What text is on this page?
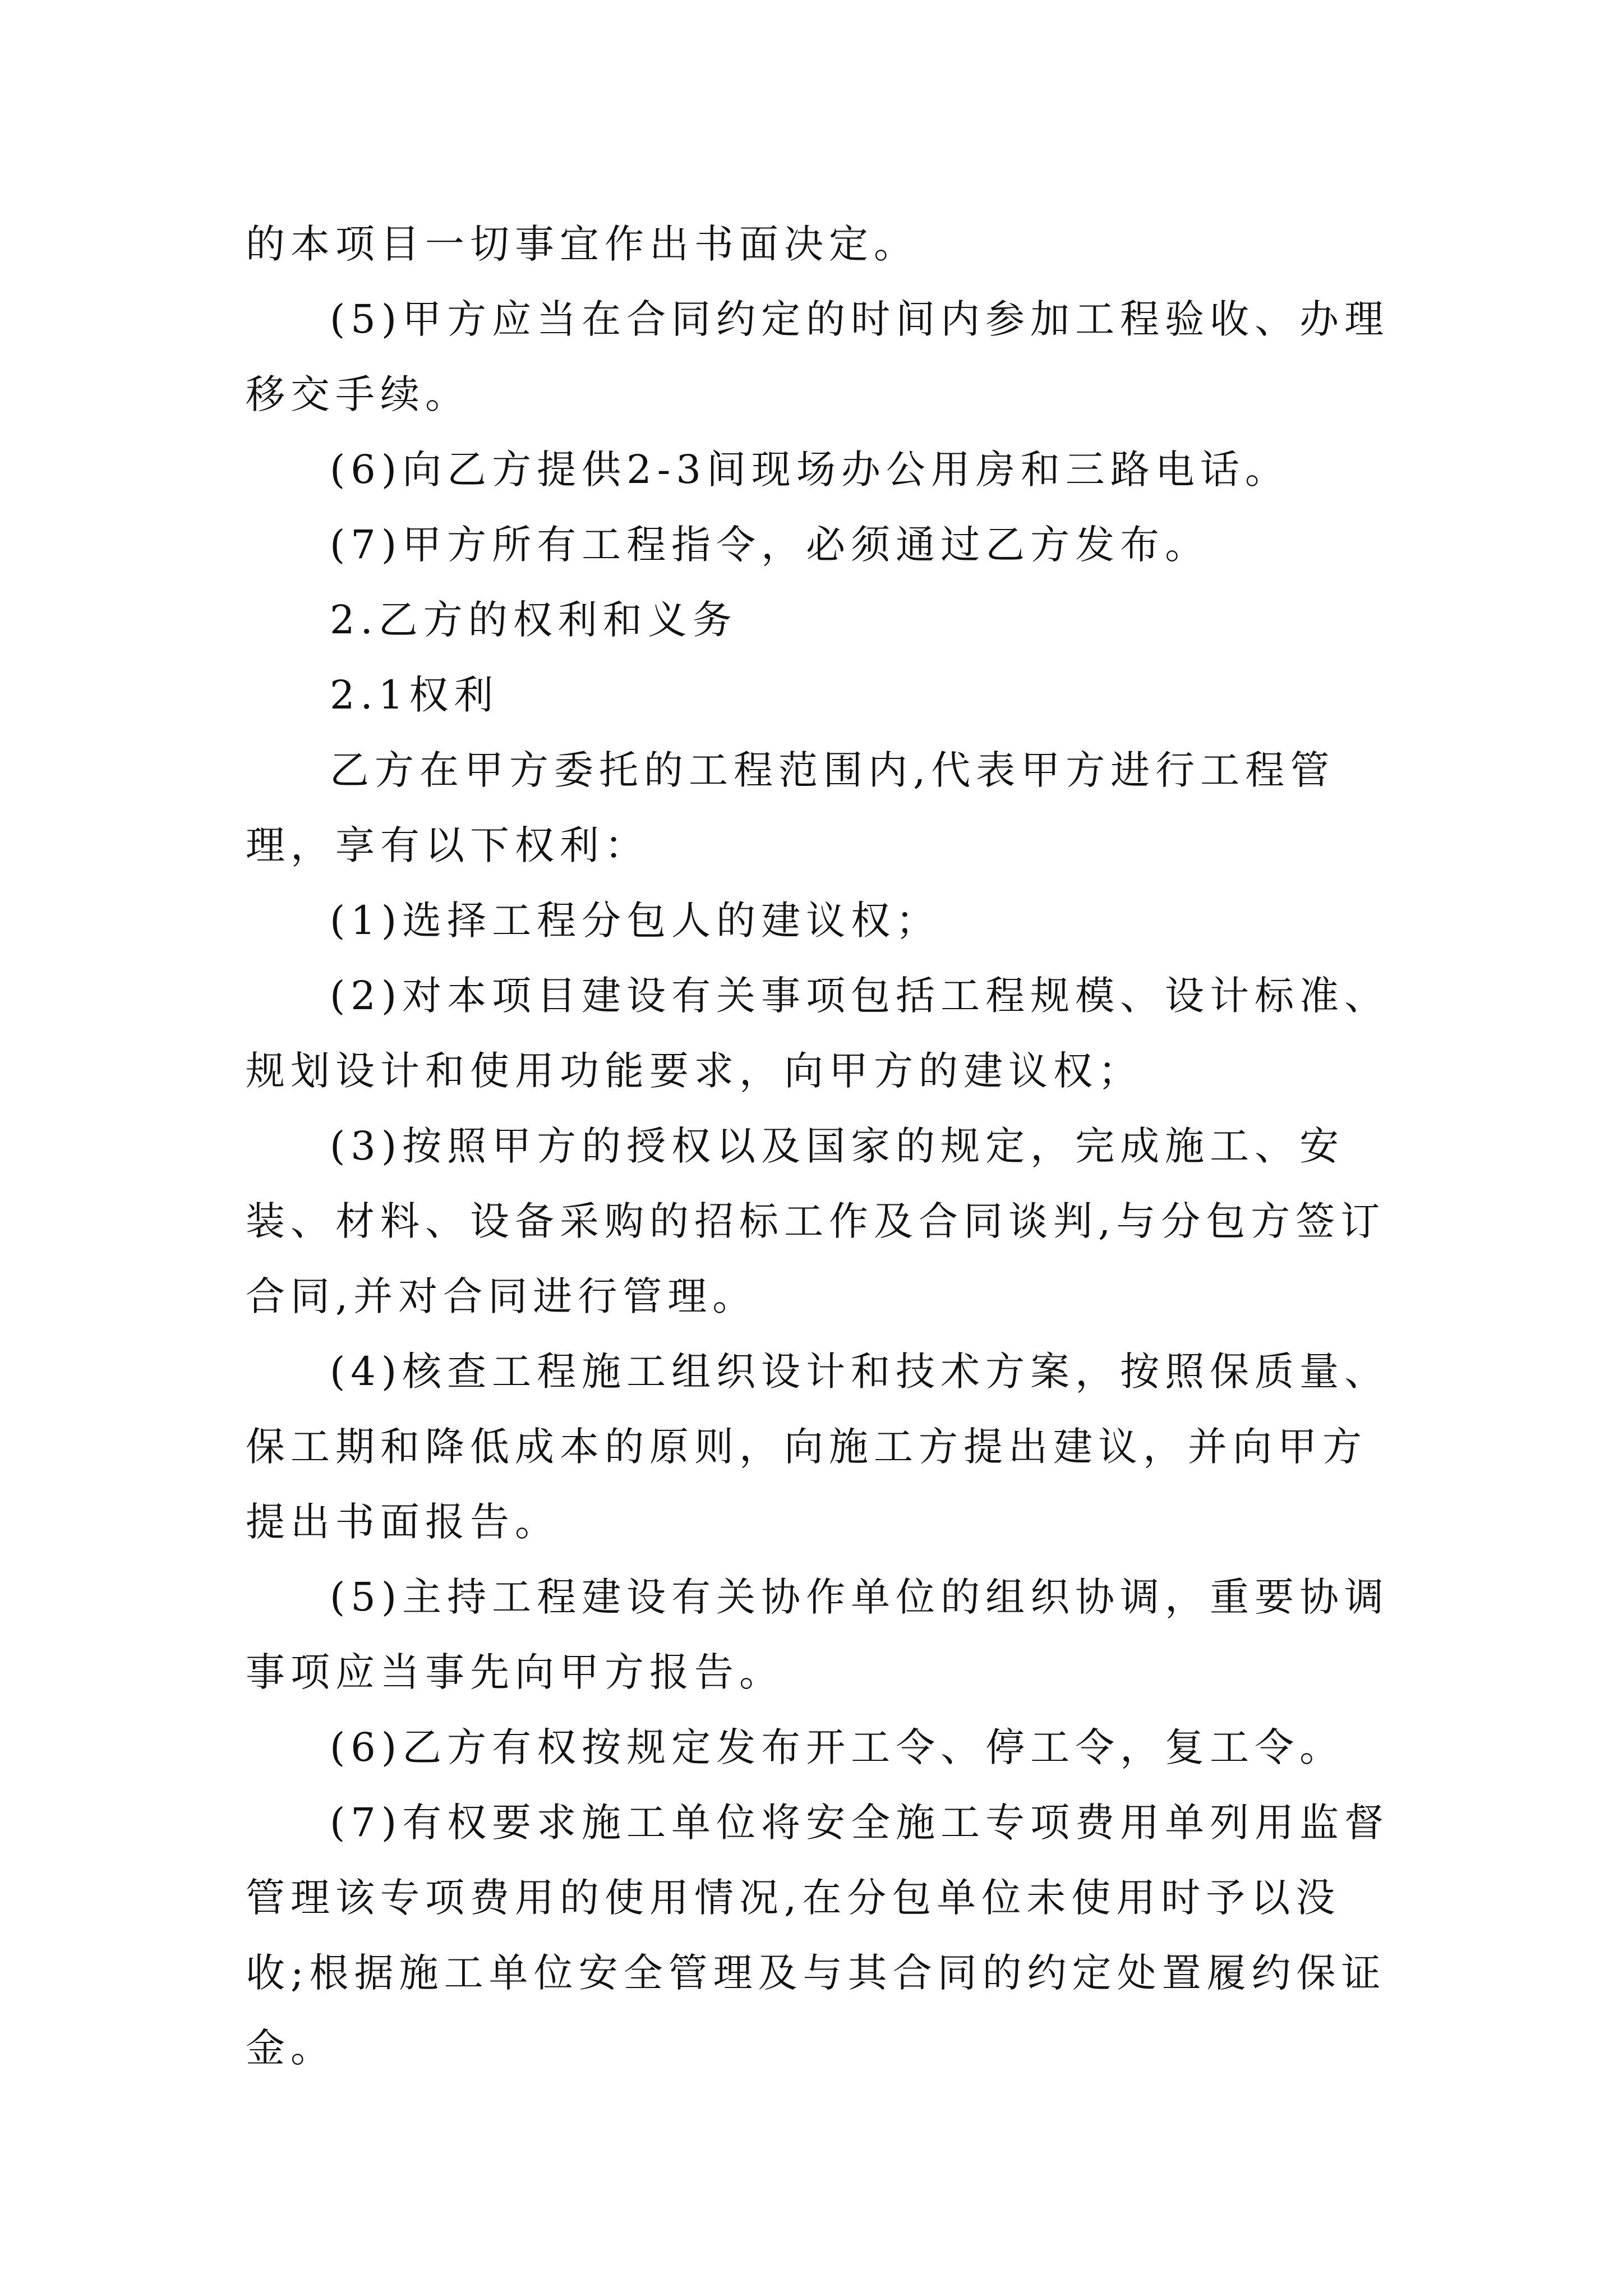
的本项目一切事宜作出书面决定。

(5)甲方应当在合同约定的时间内参加工程验收、办理移交手续。

(6)向乙方提供2-3间现场办公用房和三路电话。

(7)甲方所有工程指令，必须通过乙方发布。

2.乙方的权利和义务

2.1权利

乙方在甲方委托的工程范围内,代表甲方进行工程管理，享有以下权利：

(1)选择工程分包人的建议权；

(2)对本项目建设有关事项包括工程规模、设计标准、规划设计和使用功能要求，向甲方的建议权；

(3)按照甲方的授权以及国家的规定，完成施工、安装、材料、设备采购的招标工作及合同谈判,与分包方签订合同,并对合同进行管理。

(4)核查工程施工组织设计和技术方案，按照保质量、保工期和降低成本的原则，向施工方提出建议，并向甲方提出书面报告。

(5)主持工程建设有关协作单位的组织协调，重要协调事项应当事先向甲方报告。

(6)乙方有权按规定发布开工令、停工令，复工令。

(7)有权要求施工单位将安全施工专项费用单列用监督管理该专项费用的使用情况,在分包单位未使用时予以没收;根据施工单位安全管理及与其合同的约定处置履约保证金。
